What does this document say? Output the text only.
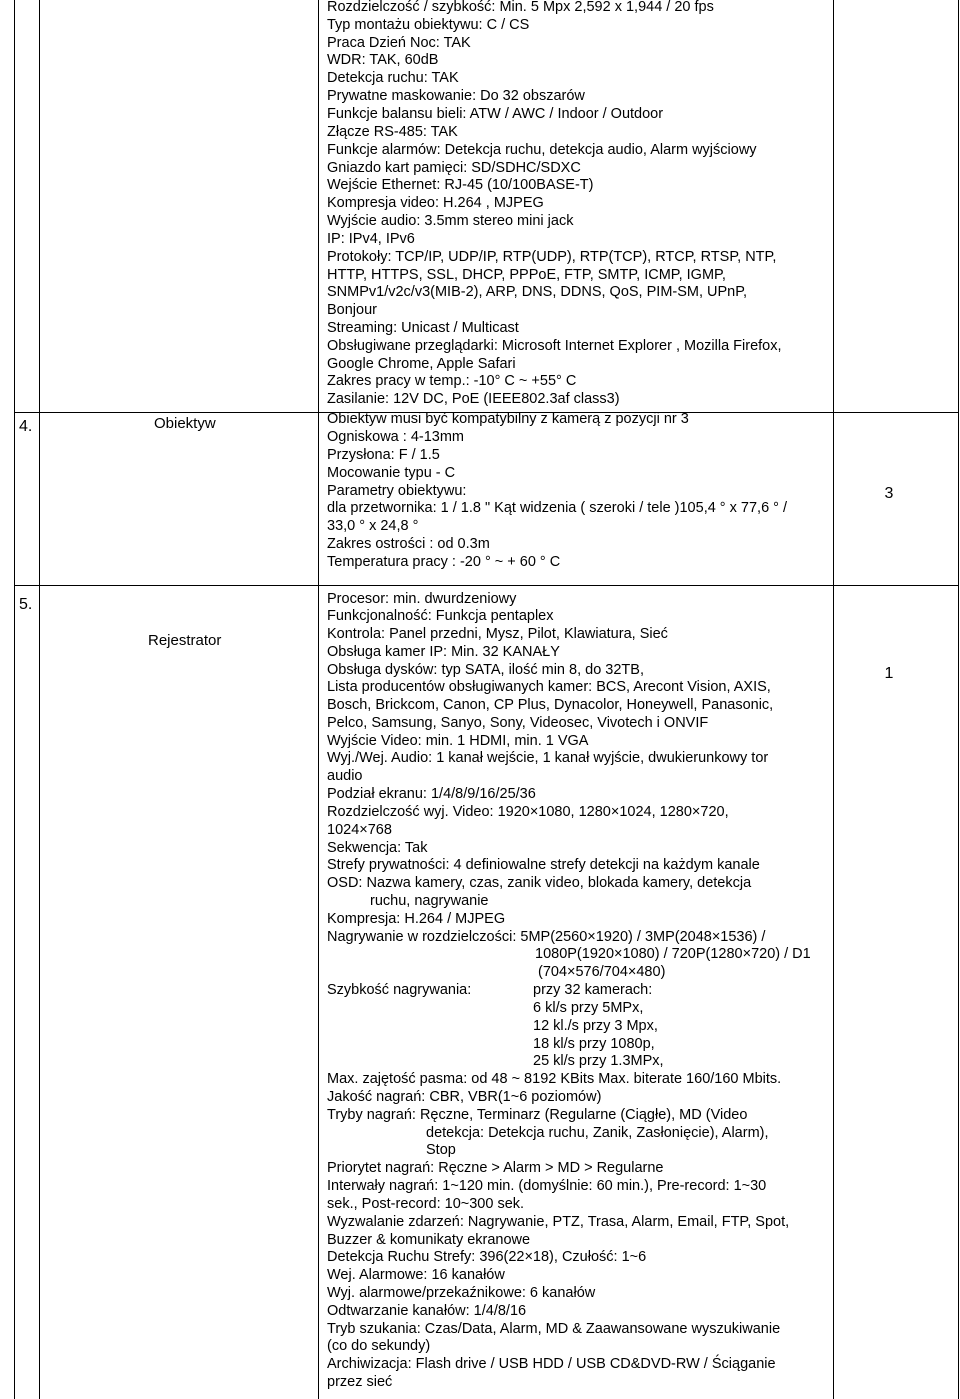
4.	Obiektyw
3
5.
Rejestrator
1
Rozdzielczość / szybkość: Min. 5 Mpx 2,592 x 1,944 / 20 fps
Typ montażu obiektywu: C / CS
Praca Dzień Noc: TAK
WDR: TAK, 60dB
Detekcja ruchu: TAK
Prywatne maskowanie: Do 32 obszarów
Funkcje balansu bieli: ATW / AWC / Indoor / Outdoor
Złącze RS-485: TAK
Funkcje alarmów: Detekcja ruchu, detekcja audio, Alarm wyjściowy
Gniazdo kart pamięci: SD/SDHC/SDXC
Wejście Ethernet: RJ-45 (10/100BASE-T)
Kompresja video: H.264 , MJPEG
Wyjście audio: 3.5mm stereo mini jack
IP: IPv4, IPv6
Protokoły: TCP/IP, UDP/IP, RTP(UDP), RTP(TCP), RTCP, RTSP, NTP,
HTTP, HTTPS, SSL, DHCP, PPPoE, FTP, SMTP, ICMP, IGMP,
SNMPv1/v2c/v3(MIB-2), ARP, DNS, DDNS, QoS, PIM-SM, UPnP,
Bonjour
Streaming: Unicast / Multicast
Obsługiwane przeglądarki: Microsoft Internet Explorer , Mozilla Firefox,
Google Chrome, Apple Safari
Zakres pracy w temp.: -10° C ~ +55° C
Zasilanie: 12V DC, PoE (IEEE802.3af class3)
Obiektyw musi być kompatybilny z kamerą z pozycji nr 3
Ogniskowa : 4-13mm
Przysłona: F / 1.5
Mocowanie typu - C
Parametry obiektywu:
dla przetwornika: 1 / 1.8 " Kąt widzenia ( szeroki / tele )105,4 ° x 77,6 ° /
33,0 ° x 24,8 °
Zakres ostrości : od 0.3m
Temperatura pracy : -20 ° ~ + 60 ° C
Procesor: min. dwurdzeniowy
Funkcjonalność: Funkcja pentaplex
Kontrola: Panel przedni, Mysz, Pilot, Klawiatura, Sieć
Obsługa kamer IP: Min. 32 KANAŁY
Obsługa dysków: typ SATA, ilość min 8, do 32TB,
Lista producentów obsługiwanych kamer: BCS, Arecont Vision, AXIS,
Bosch, Brickcom, Canon, CP Plus, Dynacolor, Honeywell, Panasonic,
Pelco, Samsung, Sanyo, Sony, Videosec, Vivotech i ONVIF
Wyjście Video: min. 1 HDMI, min. 1 VGA
Wyj./Wej. Audio: 1 kanał wejście, 1 kanał wyjście, dwukierunkowy tor
audio
Podział ekranu: 1/4/8/9/16/25/36
Rozdzielczość wyj. Video: 1920×1080, 1280×1024, 1280×720,
1024×768
Sekwencja: Tak
Strefy prywatności: 4 definiowalne strefy detekcji na każdym kanale
OSD: Nazwa kamery, czas, zanik video, blokada kamery, detekcja
ruchu, nagrywanie
Kompresja: H.264 / MJPEG
Nagrywanie w rozdzielczości: 5MP(2560×1920) / 3MP(2048×1536) /
1080P(1920×1080) / 720P(1280×720) / D1
(704×576/704×480)
Szybkość nagrywania:	przy 32 kamerach:
6 kl/s przy 5MPx,
12 kl./s przy 3 Mpx,
18 kl/s przy 1080p,
25 kl/s przy 1.3MPx,
Max. zajętość pasma: od 48 ~ 8192 KBits Max. biterate 160/160 Mbits.
Jakość nagrań: CBR, VBR(1~6 poziomów)
Tryby nagrań: Ręczne, Terminarz (Regularne (Ciągłe), MD (Video
detekcja: Detekcja ruchu, Zanik, Zasłonięcie), Alarm),
Stop
Priorytet nagrań: Ręczne > Alarm > MD > Regularne
Interwały nagrań: 1~120 min. (domyślnie: 60 min.), Pre-record: 1~30
sek., Post-record: 10~300 sek.
Wyzwalanie zdarzeń: Nagrywanie, PTZ, Trasa, Alarm, Email, FTP, Spot,
Buzzer & komunikaty ekranowe
Detekcja Ruchu Strefy: 396(22×18), Czułość: 1~6
Wej. Alarmowe: 16 kanałów
Wyj. alarmowe/przekaźnikowe: 6 kanałów
Odtwarzanie kanałów: 1/4/8/16
Tryb szukania: Czas/Data, Alarm, MD & Zaawansowane wyszukiwanie
(co do sekundy)
Archiwizacja: Flash drive / USB HDD / USB CD&DVD-RW / Ściąganie
przez sieć
